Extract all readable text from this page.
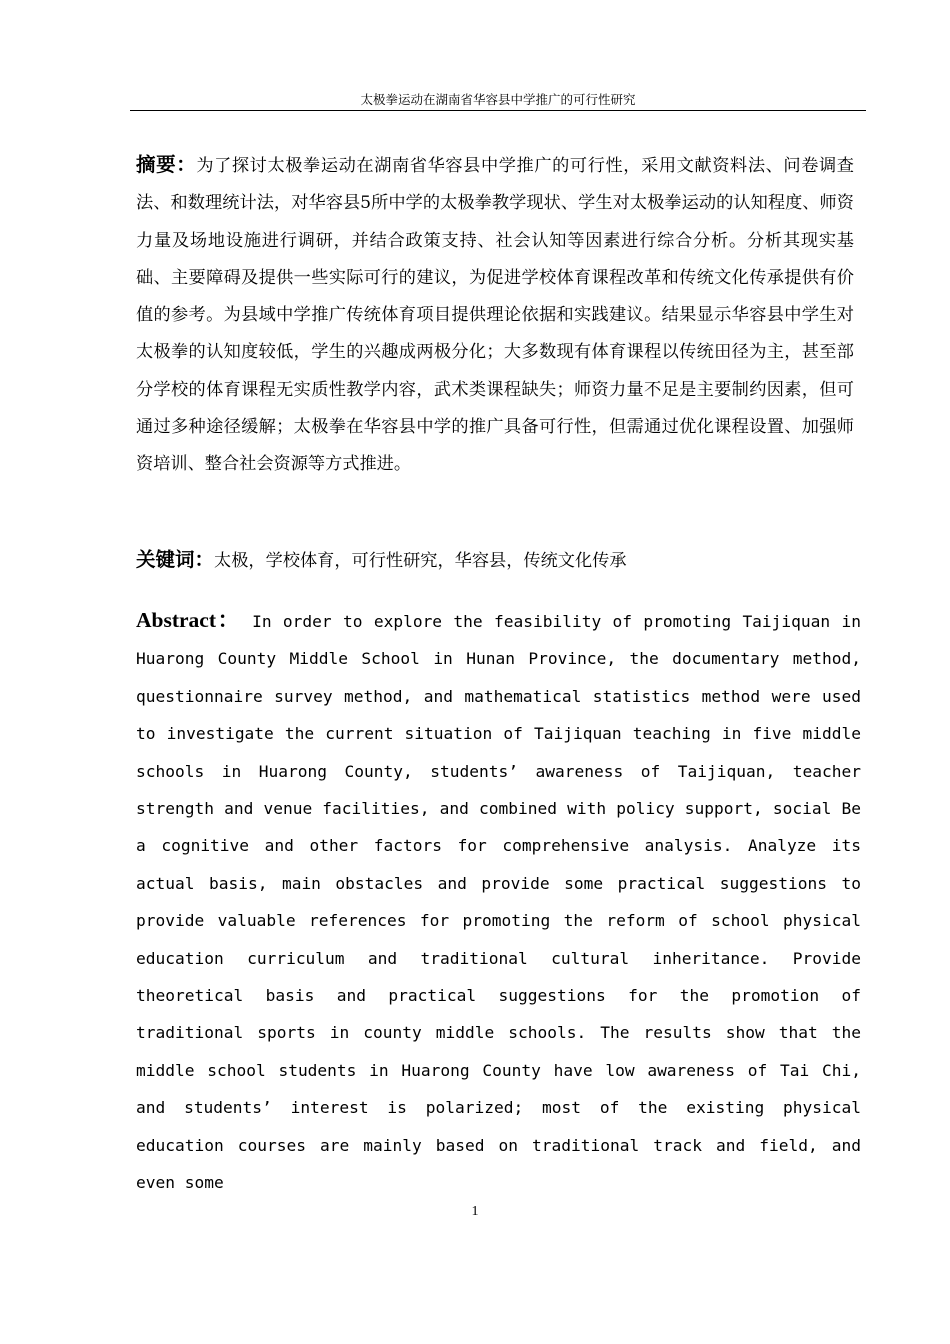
太极拳运动在湖南省华容县中学推广的可行性研究
摘要：为了探讨太极拳运动在湖南省华容县中学推广的可行性，采用文献资料法、问卷调查法、和数理统计法，对华容县5所中学的太极拳教学现状、学生对太极拳运动的认知程度、师资力量及场地设施进行调研，并结合政策支持、社会认知等因素进行综合分析。分析其现实基础、主要障碍及提供一些实际可行的建议，为促进学校体育课程改革和传统文化传承提供有价值的参考。为县域中学推广传统体育项目提供理论依据和实践建议。结果显示华容县中学生对太极拳的认知度较低，学生的兴趣成两极分化；大多数现有体育课程以传统田径为主，甚至部分学校的体育课程无实质性教学内容，武术类课程缺失；师资力量不足是主要制约因素，但可通过多种途径缓解；太极拳在华容县中学的推广具备可行性，但需通过优化课程设置、加强师资培训、整合社会资源等方式推进。
关键词：太极，学校体育，可行性研究，华容县，传统文化传承
Abstract： In order to explore the feasibility of promoting Taijiquan in Huarong County Middle School in Hunan Province, the documentary method, questionnaire survey method, and mathematical statistics method were used to investigate the current situation of Taijiquan teaching in five middle schools in Huarong County, students’ awareness of Taijiquan, teacher strength and venue facilities, and combined with policy support, social Be a cognitive and other factors for comprehensive analysis. Analyze its actual basis, main obstacles and provide some practical suggestions to provide valuable references for promoting the reform of school physical education curriculum and traditional cultural inheritance. Provide theoretical basis and practical suggestions for the promotion of traditional sports in county middle schools. The results show that the middle school students in Huarong County have low awareness of Tai Chi, and students’ interest is polarized; most of the existing physical education courses are mainly based on traditional track and field, and even some
1
